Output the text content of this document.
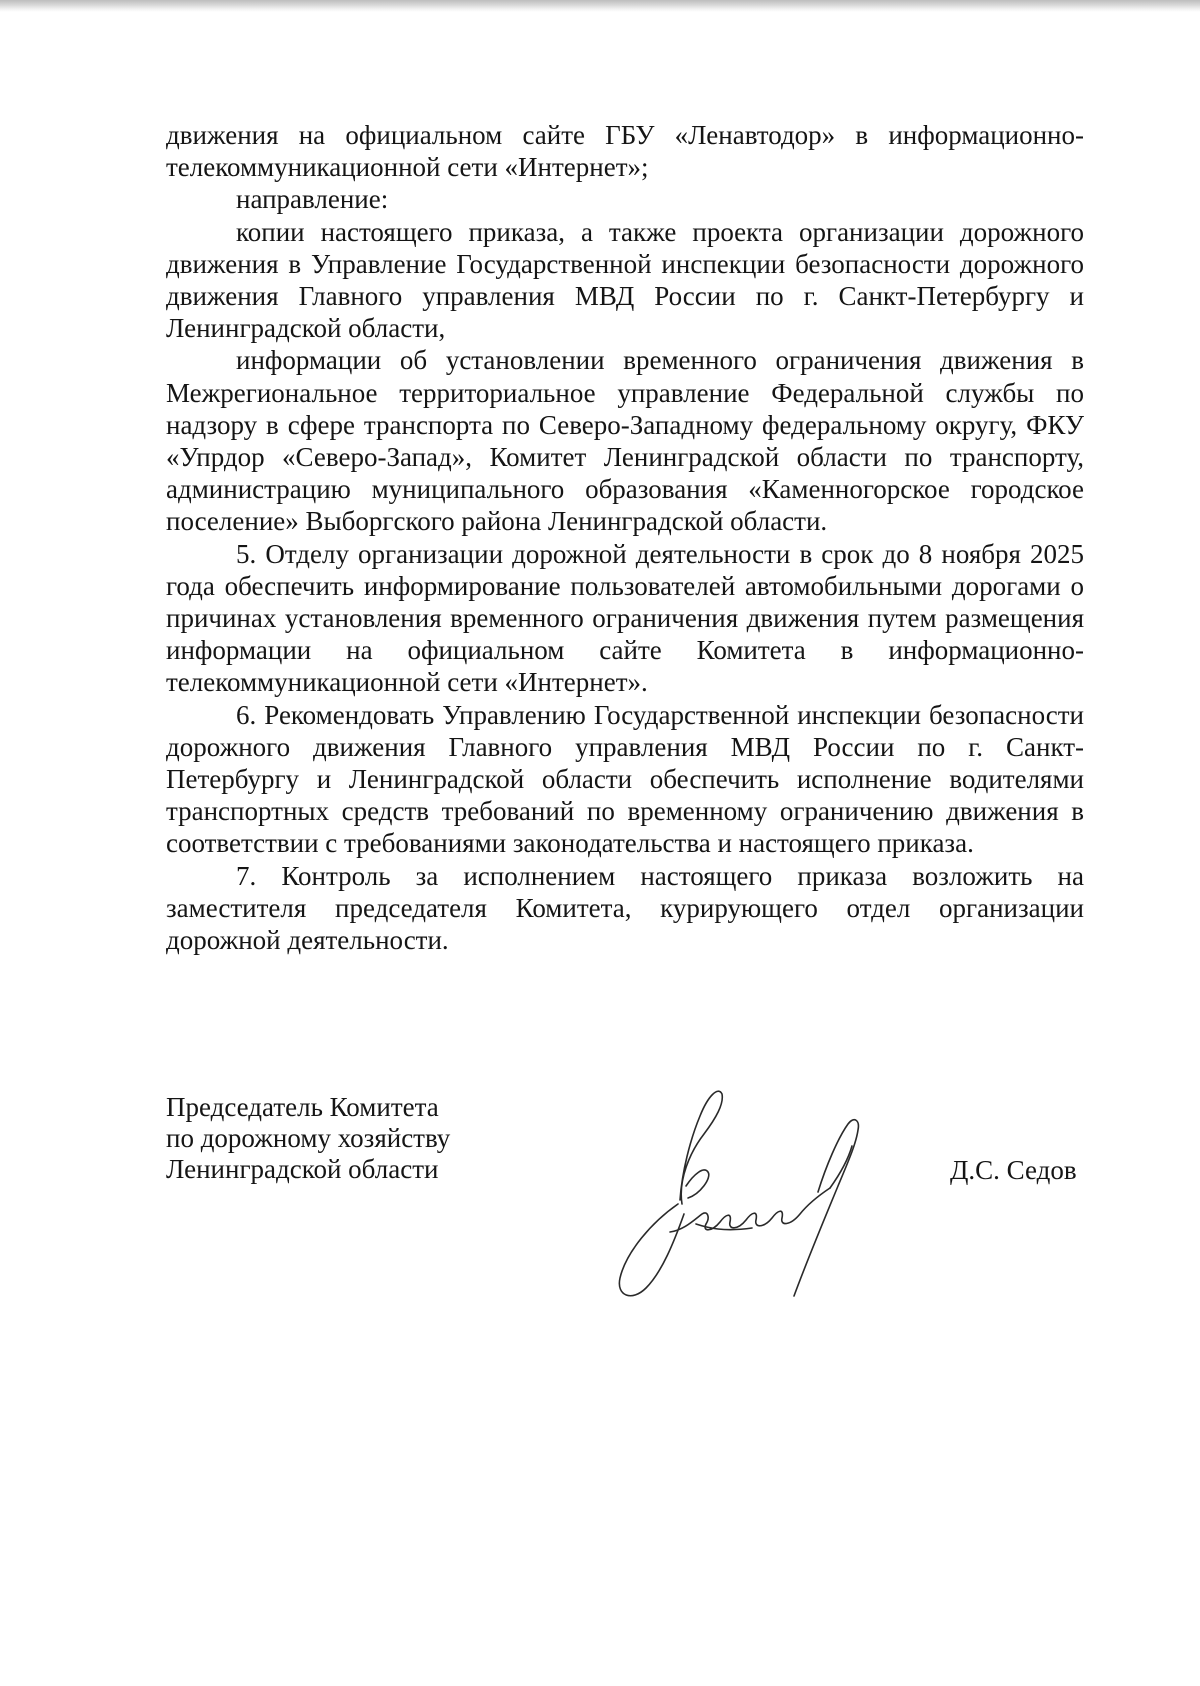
движения на официальном сайте ГБУ «Ленавтодор» в информационно-телекоммуникационной сети «Интернет»;

направление:

копии настоящего приказа, а также проекта организации дорожного движения в Управление Государственной инспекции безопасности дорожного движения Главного управления МВД России по г. Санкт-Петербургу и Ленинградской области,

информации об установлении временного ограничения движения в Межрегиональное территориальное управление Федеральной службы по надзору в сфере транспорта по Северо-Западному федеральному округу, ФКУ «Упрдор «Северо-Запад», Комитет Ленинградской области по транспорту, администрацию муниципального образования «Каменногорское городское поселение» Выборгского района Ленинградской области.

5. Отделу организации дорожной деятельности в срок до 8 ноября 2025 года обеспечить информирование пользователей автомобильными дорогами о причинах установления временного ограничения движения путем размещения информации на официальном сайте Комитета в информационно-телекоммуникационной сети «Интернет».

6. Рекомендовать Управлению Государственной инспекции безопасности дорожного движения Главного управления МВД России по г. Санкт-Петербургу и Ленинградской области обеспечить исполнение водителями транспортных средств требований по временному ограничению движения в соответствии с требованиями законодательства и настоящего приказа.

7. Контроль за исполнением настоящего приказа возложить на заместителя председателя Комитета, курирующего отдел организации дорожной деятельности.

Председатель Комитета
по дорожному хозяйству
Ленинградской области	Д.С. Седов
